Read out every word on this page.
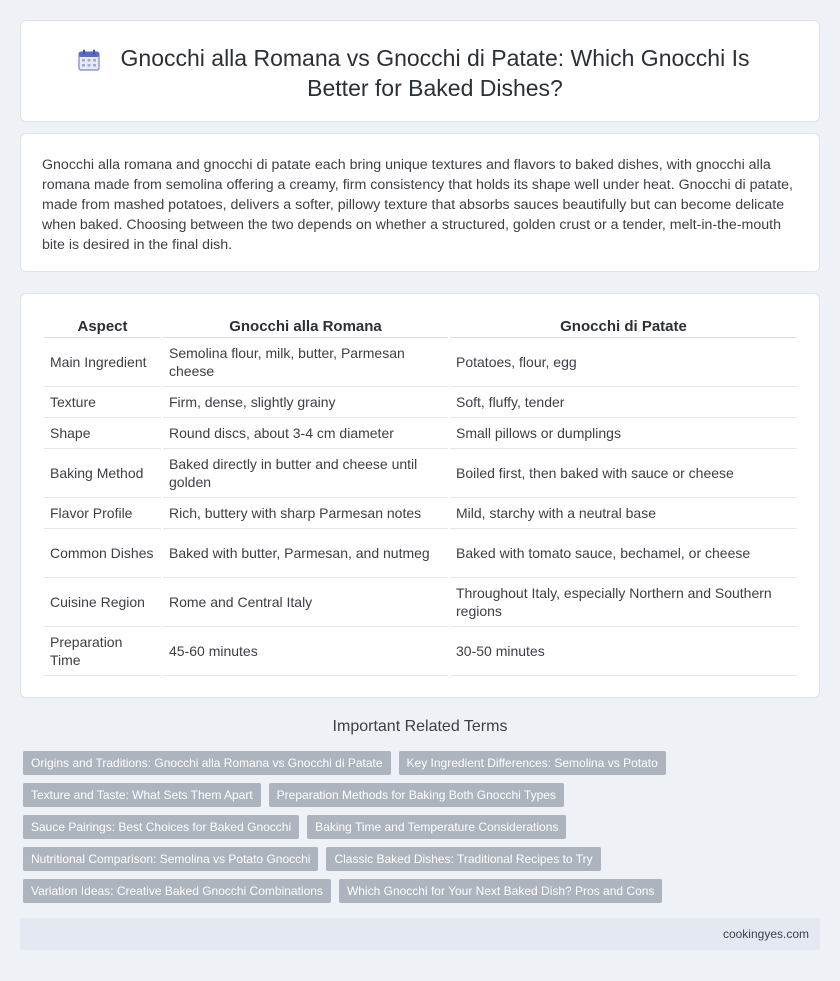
Gnocchi alla Romana vs Gnocchi di Patate: Which Gnocchi Is Better for Baked Dishes?

Gnocchi alla romana and gnocchi di patate each bring unique textures and flavors to baked dishes, with gnocchi alla romana made from semolina offering a creamy, firm consistency that holds its shape well under heat. Gnocchi di patate, made from mashed potatoes, delivers a softer, pillowy texture that absorbs sauces beautifully but can become delicate when baked. Choosing between the two depends on whether a structured, golden crust or a tender, melt-in-the-mouth bite is desired in the final dish.

Aspect	Gnocchi alla Romana	Gnocchi di Patate
Main Ingredient	Semolina flour, milk, butter, Parmesan cheese	Potatoes, flour, egg
Texture	Firm, dense, slightly grainy	Soft, fluffy, tender
Shape	Round discs, about 3-4 cm diameter	Small pillows or dumplings
Baking Method	Baked directly in butter and cheese until golden	Boiled first, then baked with sauce or cheese
Flavor Profile	Rich, buttery with sharp Parmesan notes	Mild, starchy with a neutral base
Common Dishes	Baked with butter, Parmesan, and nutmeg	Baked with tomato sauce, bechamel, or cheese
Cuisine Region	Rome and Central Italy	Throughout Italy, especially Northern and Southern regions
Preparation Time	45-60 minutes	30-50 minutes
Important Related Terms
Origins and Traditions: Gnocchi alla Romana vs Gnocchi di Patate	Key Ingredient Differences: Semolina vs Potato
Texture and Taste: What Sets Them Apart	Preparation Methods for Baking Both Gnocchi Types
Sauce Pairings: Best Choices for Baked Gnocchi	Baking Time and Temperature Considerations
Nutritional Comparison: Semolina vs Potato Gnocchi	Classic Baked Dishes: Traditional Recipes to Try
Variation Ideas: Creative Baked Gnocchi Combinations	Which Gnocchi for Your Next Baked Dish? Pros and Cons
cookingyes.com
